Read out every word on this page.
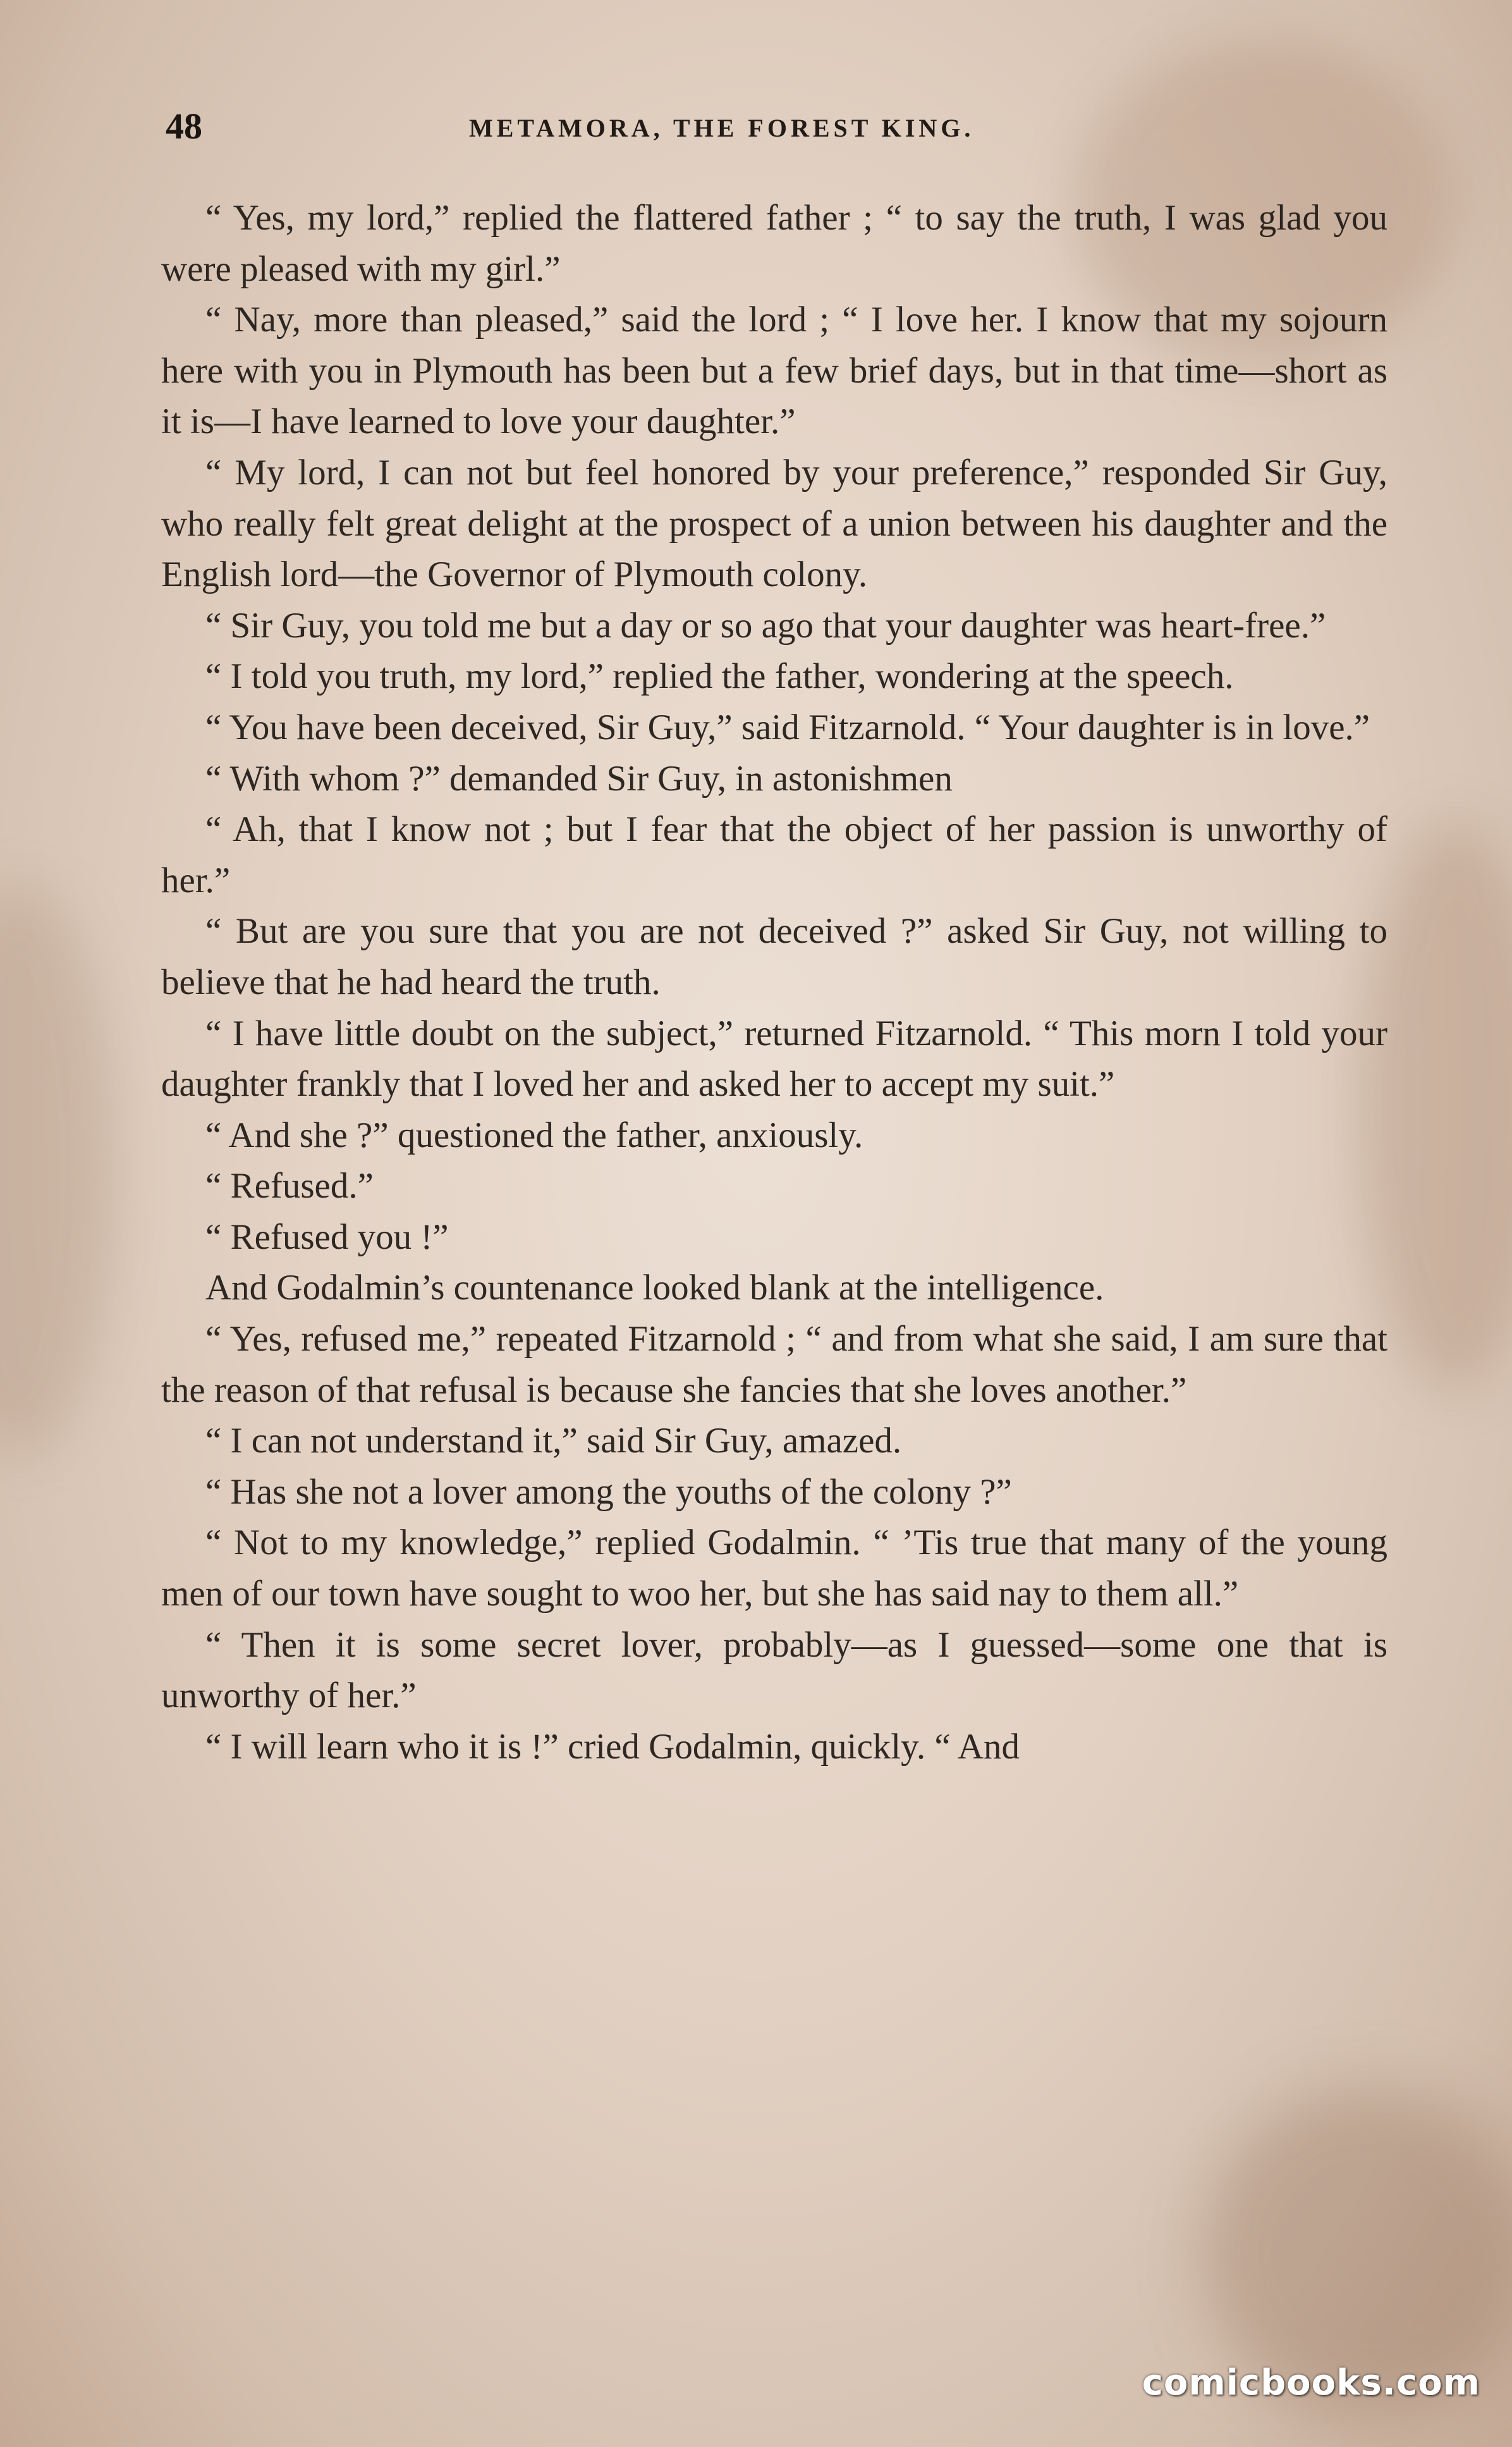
48	METAMORA, THE FOREST KING.

“ Yes, my lord,” replied the flattered father ; “ to say the truth, I was glad you were pleased with my girl.”

“ Nay, more than pleased,” said the lord ; “ I love her. I know that my sojourn here with you in Plymouth has been but a few brief days, but in that time—short as it is—I have learned to love your daughter.”

“ My lord, I can not but feel honored by your preference,” responded Sir Guy, who really felt great delight at the prospect of a union between his daughter and the English lord—the Governor of Plymouth colony.

“ Sir Guy, you told me but a day or so ago that your daughter was heart-free.”

“ I told you truth, my lord,” replied the father, wondering at the speech.

“ You have been deceived, Sir Guy,” said Fitzarnold. “ Your daughter is in love.”

“ With whom ?” demanded Sir Guy, in astonishmen

“ Ah, that I know not ; but I fear that the object of her passion is unworthy of her.”

“ But are you sure that you are not deceived ?” asked Sir Guy, not willing to believe that he had heard the truth.

“ I have little doubt on the subject,” returned Fitzarnold. “ This morn I told your daughter frankly that I loved her and asked her to accept my suit.”

“ And she ?” questioned the father, anxiously.

“ Refused.”

“ Refused you !”

And Godalmin’s countenance looked blank at the intelligence.

“ Yes, refused me,” repeated Fitzarnold ; “ and from what she said, I am sure that the reason of that refusal is because she fancies that she loves another.”

“ I can not understand it,” said Sir Guy, amazed.

“ Has she not a lover among the youths of the colony ?”

“ Not to my knowledge,” replied Godalmin. “ ’Tis true that many of the young men of our town have sought to woo her, but she has said nay to them all.”

“ Then it is some secret lover, probably—as I guessed—some one that is unworthy of her.”

“ I will learn who it is !” cried Godalmin, quickly. “ And

comicbooks.com
